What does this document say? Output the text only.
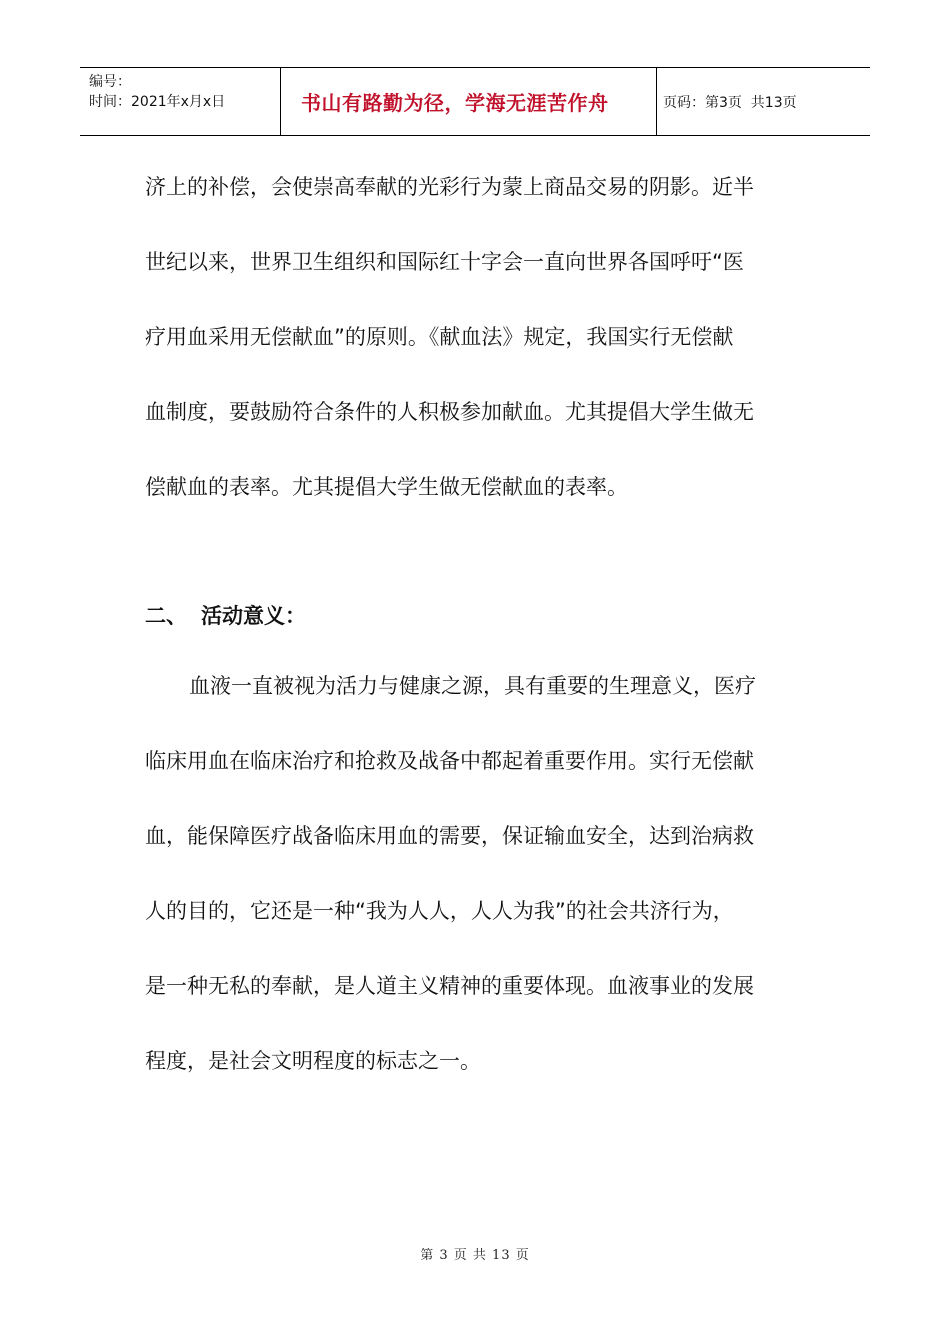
编号：
时间：2021年x月x日	书山有路勤为径，学海无涯苦作舟	页码：第3页  共13页
济上的补偿，会使崇高奉献的光彩行为蒙上商品交易的阴影。近半
世纪以来，世界卫生组织和国际红十字会一直向世界各国呼吁“医
疗用血采用无偿献血”的原则。《献血法》规定，我国实行无偿献
血制度，要鼓励符合条件的人积极参加献血。尤其提倡大学生做无
偿献血的表率。尤其提倡大学生做无偿献血的表率。
二、 活动意义：
血液一直被视为活力与健康之源，具有重要的生理意义，医疗
临床用血在临床治疗和抢救及战备中都起着重要作用。实行无偿献
血，能保障医疗战备临床用血的需要，保证输血安全，达到治病救
人的目的，它还是一种“我为人人，人人为我”的社会共济行为，
是一种无私的奉献，是人道主义精神的重要体现。血液事业的发展
程度，是社会文明程度的标志之一。
第 3 页 共 13 页
